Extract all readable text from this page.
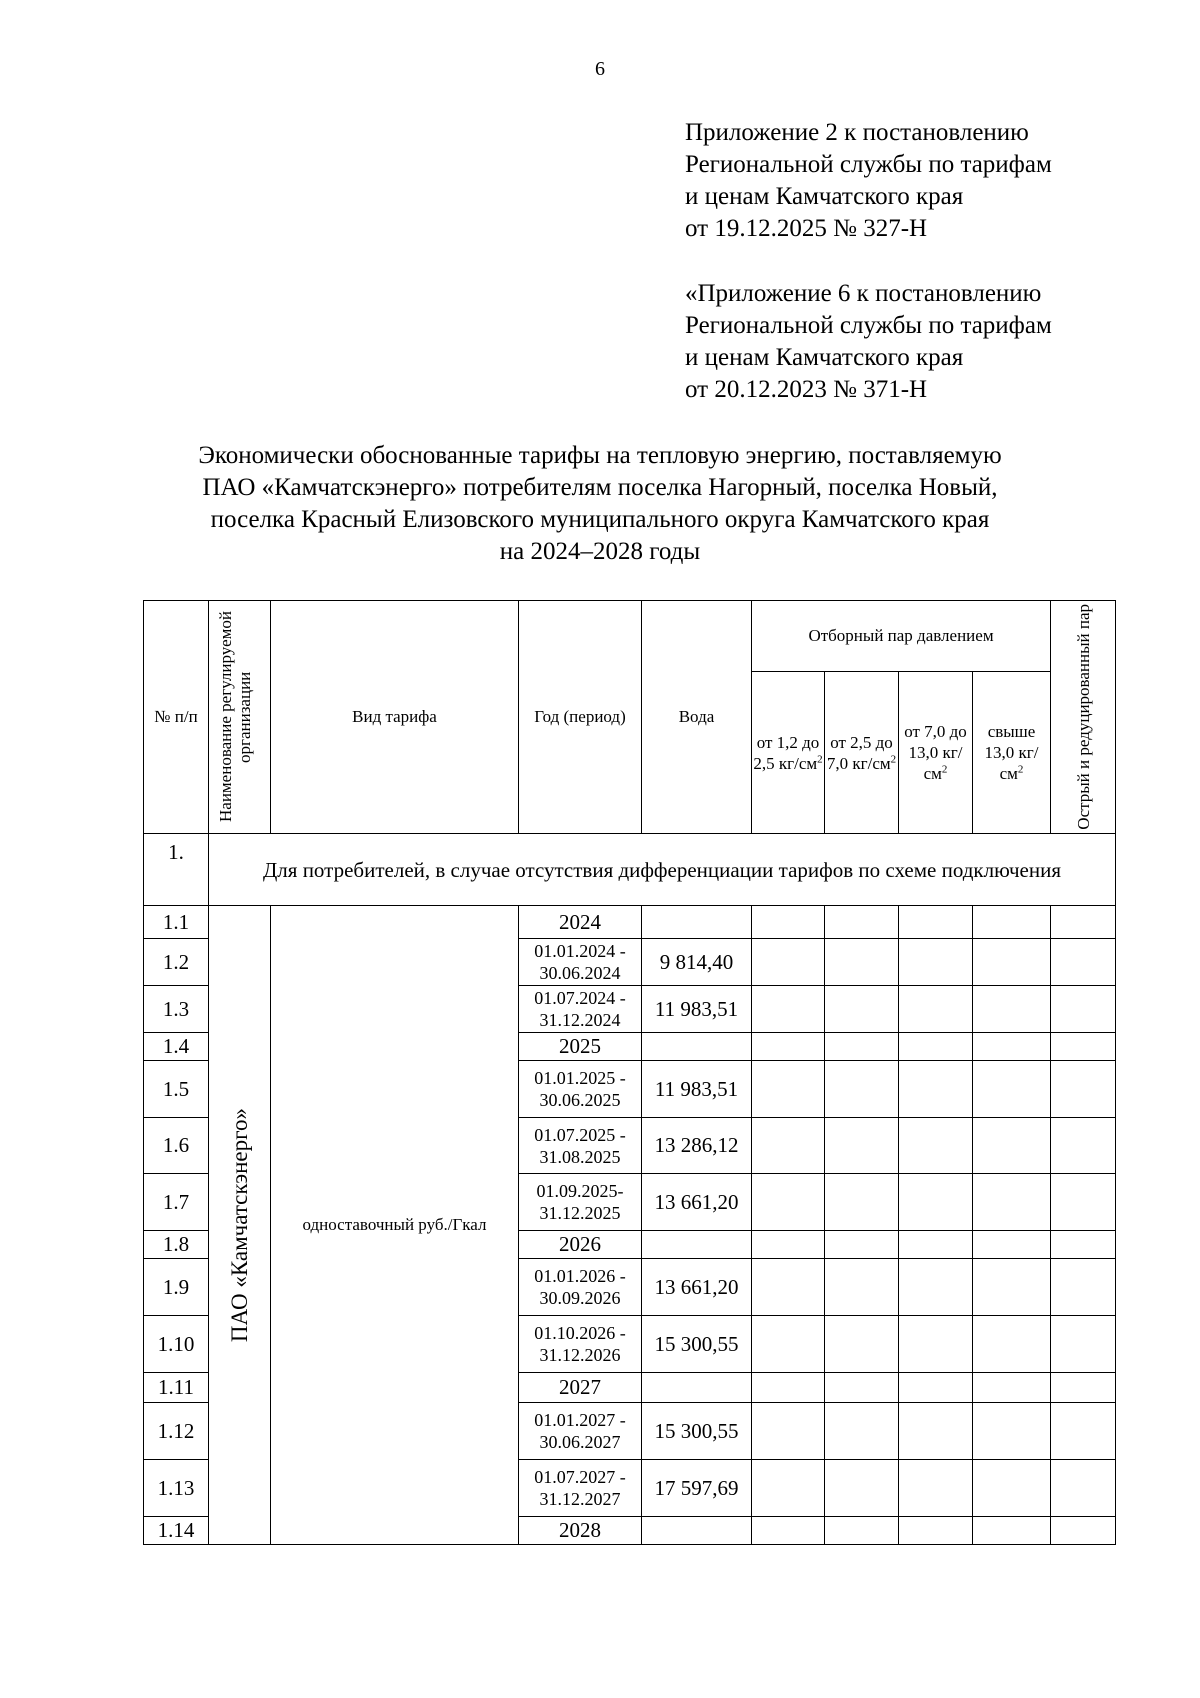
6
Приложение 2 к постановлению
Региональной службы по тарифам
и ценам Камчатского края
от 19.12.2025 № 327-Н
«Приложение 6 к постановлению
Региональной службы по тарифам
и ценам Камчатского края
от 20.12.2023 № 371-Н
Экономически обоснованные тарифы на тепловую энергию, поставляемую
ПАО «Камчатскэнерго» потребителям поселка Нагорный, поселка Новый,
поселка Красный Елизовского муниципального округа Камчатского края
на 2024–2028 годы
№ п/п	Наименование регулируемой организации	Вид тарифа	Год (период)	Вода	Отборный пар давлением				Острый и редуцированный пар

					от 1,2 до 2,5 $кг/см^2$	от 2,5 до 7,0 $кг/см^2$	от 7,0 до 13,0 $кг/см^2$	свыше 13,0 $кг/см^2$
1.	Для потребителей, в случае отсутствия дифференциации тарифов по схеме подключения								
1.1	ПАО «Камчатскэнерго»	одноставочный руб./Гкал	2024						
1.2			01.01.2024 - 30.06.2024	9 814,40					
1.3			01.07.2024 - 31.12.2024	11 983,51					
1.4			2025						
1.5			01.01.2025 - 30.06.2025	11 983,51					
1.6			01.07.2025 - 31.08.2025	13 286,12					
1.7			01.09.2025- 31.12.2025	13 661,20					
1.8			2026						
1.9			01.01.2026 - 30.09.2026	13 661,20					
1.10			01.10.2026 - 31.12.2026	15 300,55					
1.11			2027						
1.12			01.01.2027 - 30.06.2027	15 300,55					
1.13			01.07.2027 - 31.12.2027	17 597,69					
1.14			2028						
